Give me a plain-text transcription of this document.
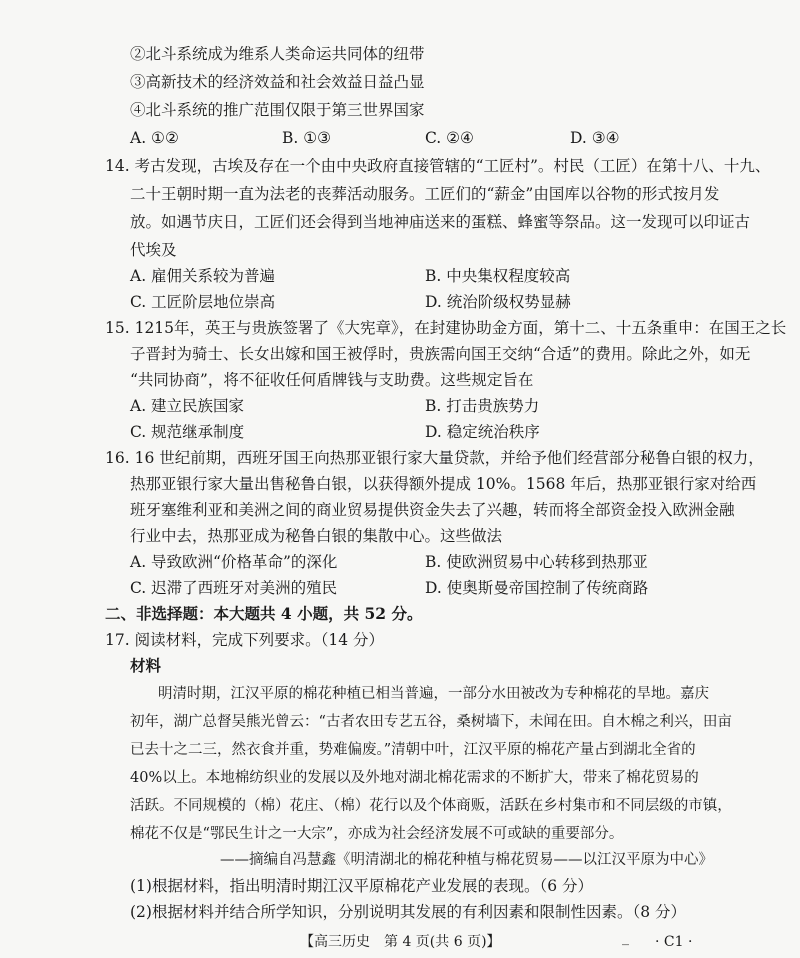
②北斗系统成为维系人类命运共同体的纽带
③高新技术的经济效益和社会效益日益凸显
④北斗系统的推广范围仅限于第三世界国家
A. ①②	B. ①③	C. ②④	D. ③④
14. 考古发现，古埃及存在一个由中央政府直接管辖的“工匠村”。村民（工匠）在第十八、十九、
二十王朝时期一直为法老的丧葬活动服务。工匠们的“薪金”由国库以谷物的形式按月发
放。如遇节庆日，工匠们还会得到当地神庙送来的蛋糕、蜂蜜等祭品。这一发现可以印证古
代埃及
A. 雇佣关系较为普遍	B. 中央集权程度较高
C. 工匠阶层地位崇高	D. 统治阶级权势显赫
15. 1215年，英王与贵族签署了《大宪章》，在封建协助金方面，第十二、十五条重申：在国王之长
子晋封为骑士、长女出嫁和国王被俘时，贵族需向国王交纳“合适”的费用。除此之外，如无
“共同协商”，将不征收任何盾牌钱与支助费。这些规定旨在
A. 建立民族国家	B. 打击贵族势力
C. 规范继承制度	D. 稳定统治秩序
16. 16 世纪前期，西班牙国王向热那亚银行家大量贷款，并给予他们经营部分秘鲁白银的权力，
热那亚银行家大量出售秘鲁白银，以获得额外提成 10%。1568 年后，热那亚银行家对给西
班牙塞维利亚和美洲之间的商业贸易提供资金失去了兴趣，转而将全部资金投入欧洲金融
行业中去，热那亚成为秘鲁白银的集散中心。这些做法
A. 导致欧洲“价格革命”的深化	B. 使欧洲贸易中心转移到热那亚
C. 迟滞了西班牙对美洲的殖民	D. 使奥斯曼帝国控制了传统商路
二、非选择题：本大题共 4 小题，共 52 分。
17. 阅读材料，完成下列要求。（14 分）
材料
明清时期，江汉平原的棉花种植已相当普遍，一部分水田被改为专种棉花的旱地。嘉庆
初年，湖广总督吴熊光曾云：“古者农田专艺五谷，桑树墙下，未闻在田。自木棉之利兴，田亩
已去十之二三，然衣食并重，势难偏废。”清朝中叶，江汉平原的棉花产量占到湖北全省的
40%以上。本地棉纺织业的发展以及外地对湖北棉花需求的不断扩大，带来了棉花贸易的
活跃。不同规模的（棉）花庄、（棉）花行以及个体商贩，活跃在乡村集市和不同层级的市镇，
棉花不仅是“鄂民生计之一大宗”，亦成为社会经济发展不可或缺的重要部分。
——摘编自冯慧鑫《明清湖北的棉花种植与棉花贸易——以江汉平原为中心》
(1)根据材料，指出明清时期江汉平原棉花产业发展的表现。（6 分）
(2)根据材料并结合所学知识，分别说明其发展的有利因素和限制性因素。（8 分）
【高三历史　第 4 页(共 6 页)】	_ · C1 ·
